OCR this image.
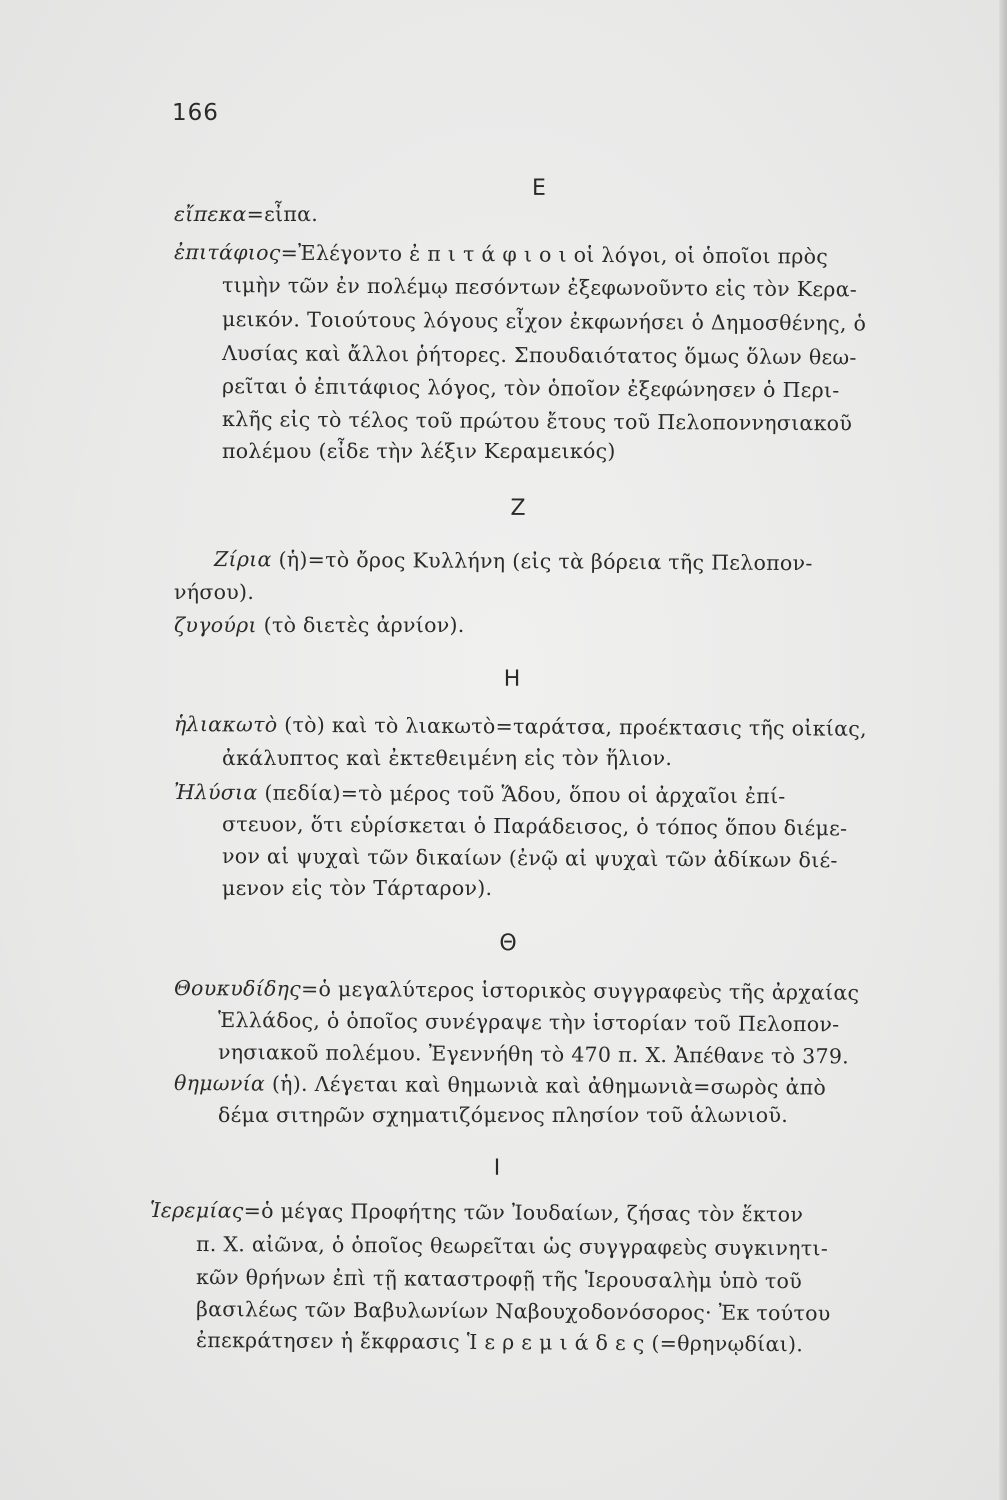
166
Ε
εἴπεκα=εἶπα.
ἐπιτάφιος=Ἐλέγοντο ἐ π ι τ ά φ ι ο ι οἱ λόγοι, οἱ ὁποῖοι πρὸς
τιμὴν τῶν ἐν πολέμῳ πεσόντων ἐξεφωνοῦντο εἰς τὸν Κερα-
μεικόν. Τοιούτους λόγους εἶχον ἐκφωνήσει ὁ Δημοσθένης, ὁ
Λυσίας καὶ ἄλλοι ῥήτορες. Σπουδαιότατος ὅμως ὅλων θεω-
ρεῖται ὁ ἐπιτάφιος λόγος, τὸν ὁποῖον ἐξεφώνησεν ὁ Περι-
κλῆς εἰς τὸ τέλος τοῦ πρώτου ἔτους τοῦ Πελοποννησιακοῦ
πολέμου (εἶδε τὴν λέξιν Κεραμεικός)
Ζ
Ζίρια (ἡ)=τὸ ὄρος Κυλλήνη (εἰς τὰ βόρεια τῆς Πελοπον-
νήσου).
ζυγούρι (τὸ διετὲς ἀρνίον).
Η
ἡλιακωτὸ (τὸ) καὶ τὸ λιακωτὸ=ταράτσα, προέκτασις τῆς οἰκίας,
ἀκάλυπτος καὶ ἐκτεθειμένη εἰς τὸν ἥλιον.
Ἠλύσια (πεδία)=τὸ μέρος τοῦ Ἅδου, ὅπου οἱ ἀρχαῖοι ἐπί-
στευον, ὅτι εὑρίσκεται ὁ Παράδεισος, ὁ τόπος ὅπου διέμε-
νον αἱ ψυχαὶ τῶν δικαίων (ἐνῷ αἱ ψυχαὶ τῶν ἀδίκων διέ-
μενον εἰς τὸν Τάρταρον).
Θ
Θουκυδίδης=ὁ μεγαλύτερος ἱστορικὸς συγγραφεὺς τῆς ἀρχαίας
Ἑλλάδος, ὁ ὁποῖος συνέγραψε τὴν ἱστορίαν τοῦ Πελοπον-
νησιακοῦ πολέμου. Ἐγεννήθη τὸ 470 π. Χ. Ἀπέθανε τὸ 379.
θημωνία (ἡ). Λέγεται καὶ θημωνιὰ καὶ ἀθημωνιὰ=σωρὸς ἀπὸ
δέμα σιτηρῶν σχηματιζόμενος πλησίον τοῦ ἁλωνιοῦ.
Ι
Ἱερεμίας=ὁ μέγας Προφήτης τῶν Ἰουδαίων, ζήσας τὸν ἕκτον
π. Χ. αἰῶνα, ὁ ὁποῖος θεωρεῖται ὡς συγγραφεὺς συγκινητι-
κῶν θρήνων ἐπὶ τῇ καταστροφῇ τῆς Ἱερουσαλὴμ ὑπὸ τοῦ
βασιλέως τῶν Βαβυλωνίων Ναβουχοδονόσορος· Ἐκ τούτου
ἐπεκράτησεν ἡ ἔκφρασις Ἱ ε ρ ε μ ι ά δ ε ς (=θρηνῳδίαι).
